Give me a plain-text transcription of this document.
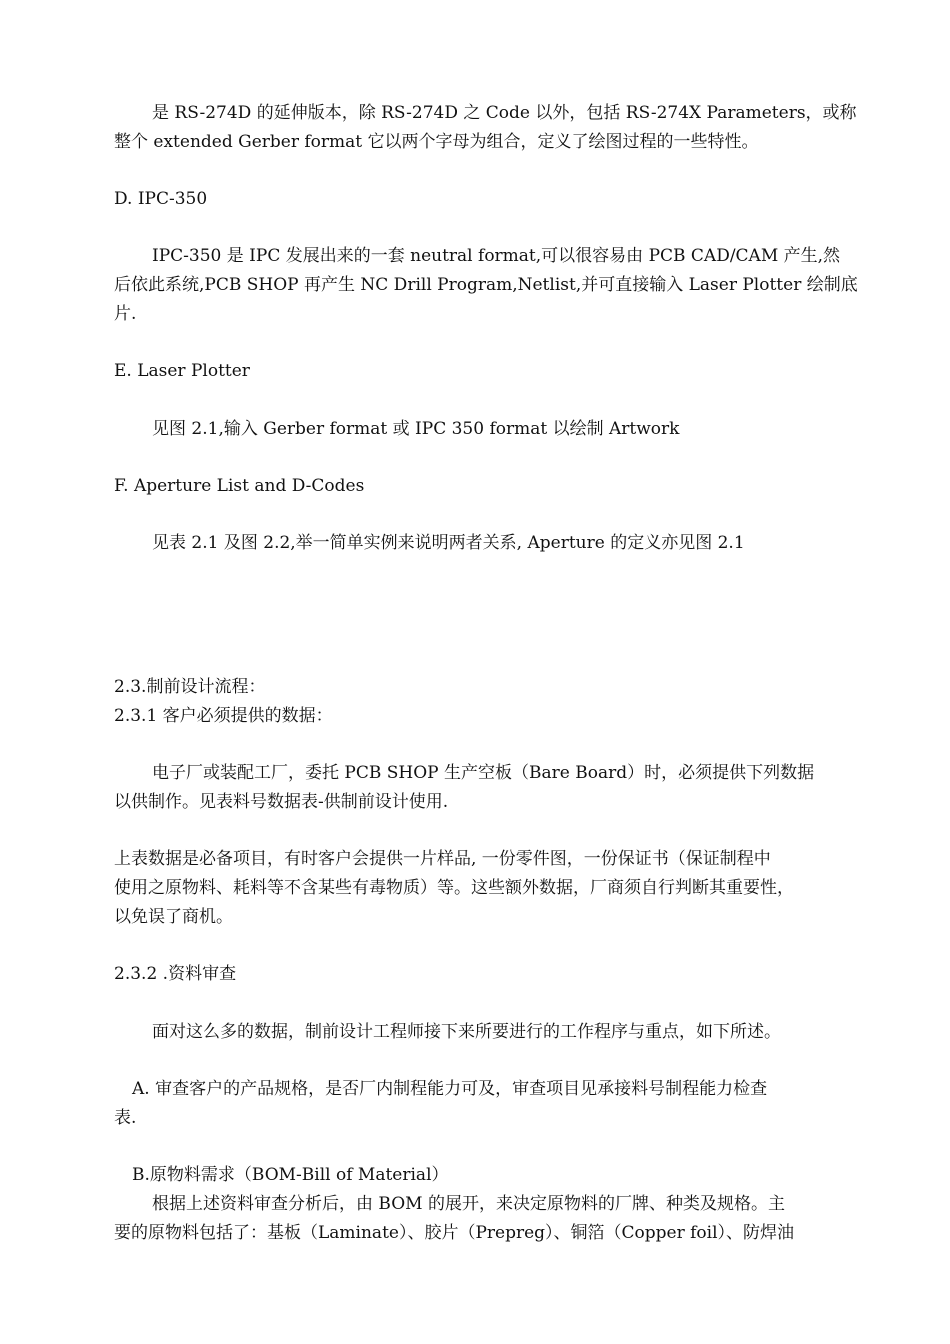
是 RS-274D 的延伸版本，除 RS-274D 之 Code 以外，包括 RS-274X Parameters，或称
整个 extended Gerber format 它以两个字母为组合，定义了绘图过程的一些特性。
D. IPC-350
IPC-350 是 IPC 发展出来的一套 neutral format,可以很容易由 PCB CAD/CAM 产生,然
后依此系统,PCB SHOP 再产生 NC Drill Program,Netlist,并可直接输入 Laser Plotter 绘制底
片.
E. Laser Plotter
见图 2.1,输入 Gerber format 或 IPC 350 format 以绘制 Artwork
F. Aperture List and D-Codes
见表 2.1 及图 2.2,举一简单实例来说明两者关系, Aperture 的定义亦见图 2.1
2.3.制前设计流程：
2.3.1 客户必须提供的数据：
电子厂或装配工厂，委托 PCB SHOP 生产空板（Bare Board）时，必须提供下列数据
以供制作。见表料号数据表-供制前设计使用.
上表数据是必备项目，有时客户会提供一片样品, 一份零件图，一份保证书（保证制程中
使用之原物料、耗料等不含某些有毒物质）等。这些额外数据，厂商须自行判断其重要性，
以免误了商机。
2.3.2 .资料审查
面对这么多的数据，制前设计工程师接下来所要进行的工作程序与重点，如下所述。
A. 审查客户的产品规格，是否厂内制程能力可及，审查项目见承接料号制程能力检查
表.
B.原物料需求（BOM-Bill of Material）
根据上述资料审查分析后，由 BOM 的展开，来决定原物料的厂牌、种类及规格。主
要的原物料包括了：基板（Laminate）、胶片（Prepreg）、铜箔（Copper foil）、防焊油
